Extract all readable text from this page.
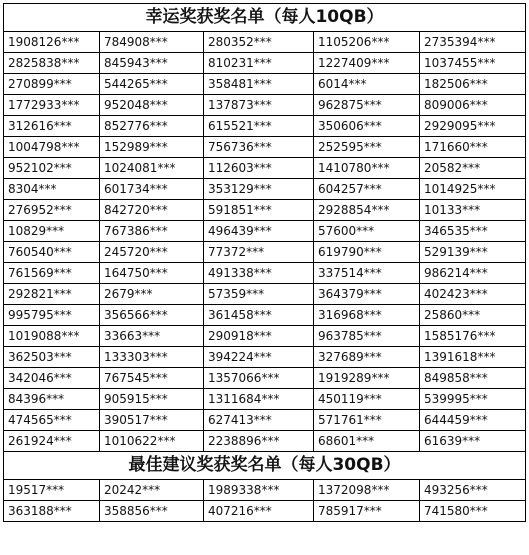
幸运奖获奖名单（每人10QB）				
1908126***	784908***	280352***	1105206***	2735394***
2825838***	845943***	810231***	1227409***	1037455***
270899***	544265***	358481***	6014***	182506***
1772933***	952048***	137873***	962875***	809006***
312616***	852776***	615521***	350606***	2929095***
1004798***	152989***	756736***	252595***	171660***
952102***	1024081***	112603***	1410780***	20582***
8304***	601734***	353129***	604257***	1014925***
276952***	842720***	591851***	2928854***	10133***
10829***	767386***	496439***	57600***	346535***
760540***	245720***	77372***	619790***	529139***
761569***	164750***	491338***	337514***	986214***
292821***	2679***	57359***	364379***	402423***
995795***	356566***	361458***	316968***	25860***
1019088***	33663***	290918***	963785***	1585176***
362503***	133303***	394224***	327689***	1391618***
342046***	767545***	1357066***	1919289***	849858***
84396***	905915***	1311684***	450119***	539995***
474565***	390517***	627413***	571761***	644459***
261924***	1010622***	2238896***	68601***	61639***
最佳建议奖获奖名单（每人30QB）				
19517***	20242***	1989338***	1372098***	493256***
363188***	358856***	407216***	785917***	741580***
